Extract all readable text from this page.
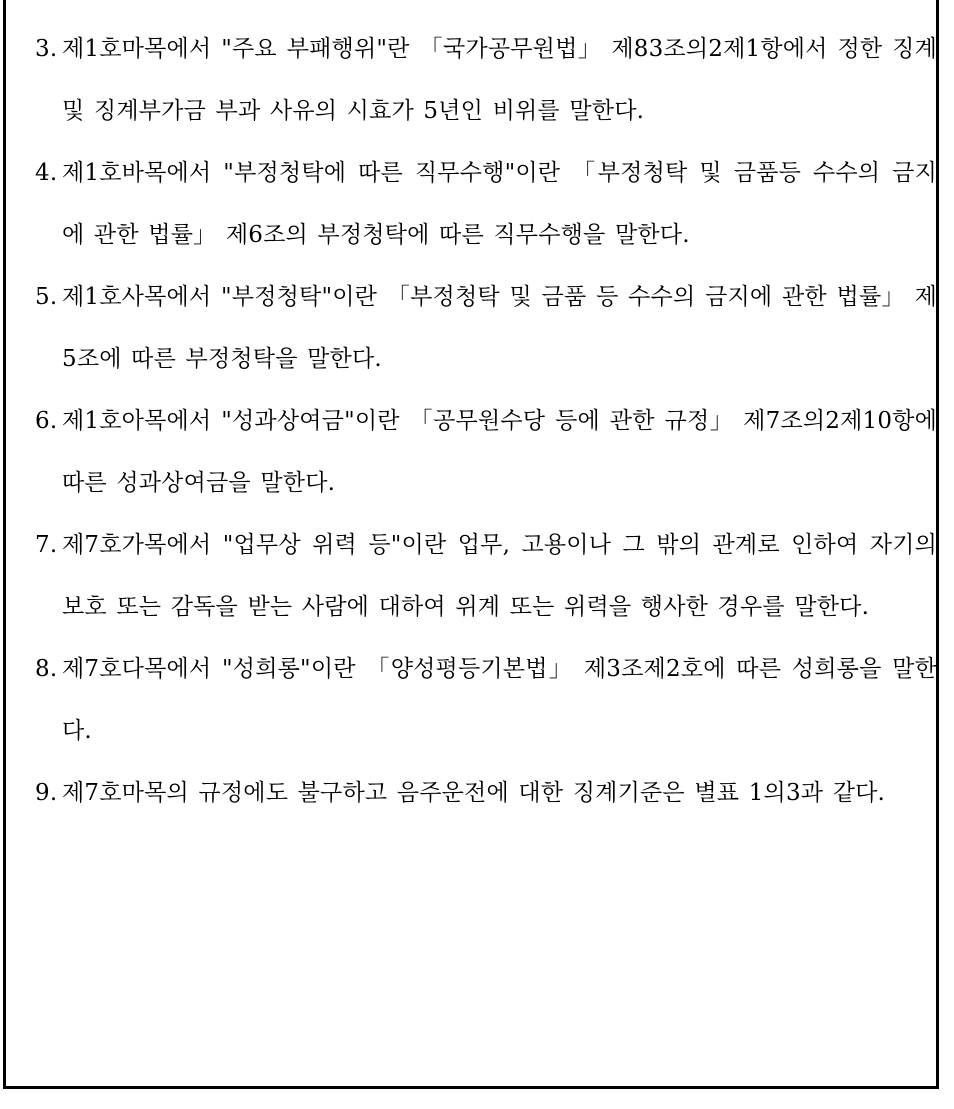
3. 제1호마목에서 "주요 부패행위"란 「국가공무원법」 제83조의2제1항에서 정한 징계 및 징계부가금 부과 사유의 시효가 5년인 비위를 말한다.
4. 제1호바목에서 "부정청탁에 따른 직무수행"이란 「부정청탁 및 금품등 수수의 금지에 관한 법률」 제6조의 부정청탁에 따른 직무수행을 말한다.
5. 제1호사목에서 "부정청탁"이란 「부정청탁 및 금품 등 수수의 금지에 관한 법률」 제5조에 따른 부정청탁을 말한다.
6. 제1호아목에서 "성과상여금"이란 「공무원수당 등에 관한 규정」 제7조의2제10항에 따른 성과상여금을 말한다.
7. 제7호가목에서 "업무상 위력 등"이란 업무, 고용이나 그 밖의 관계로 인하여 자기의 보호 또는 감독을 받는 사람에 대하여 위계 또는 위력을 행사한 경우를 말한다.
8. 제7호다목에서 "성희롱"이란 「양성평등기본법」 제3조제2호에 따른 성희롱을 말한다.
9. 제7호마목의 규정에도 불구하고 음주운전에 대한 징계기준은 별표 1의3과 같다.
